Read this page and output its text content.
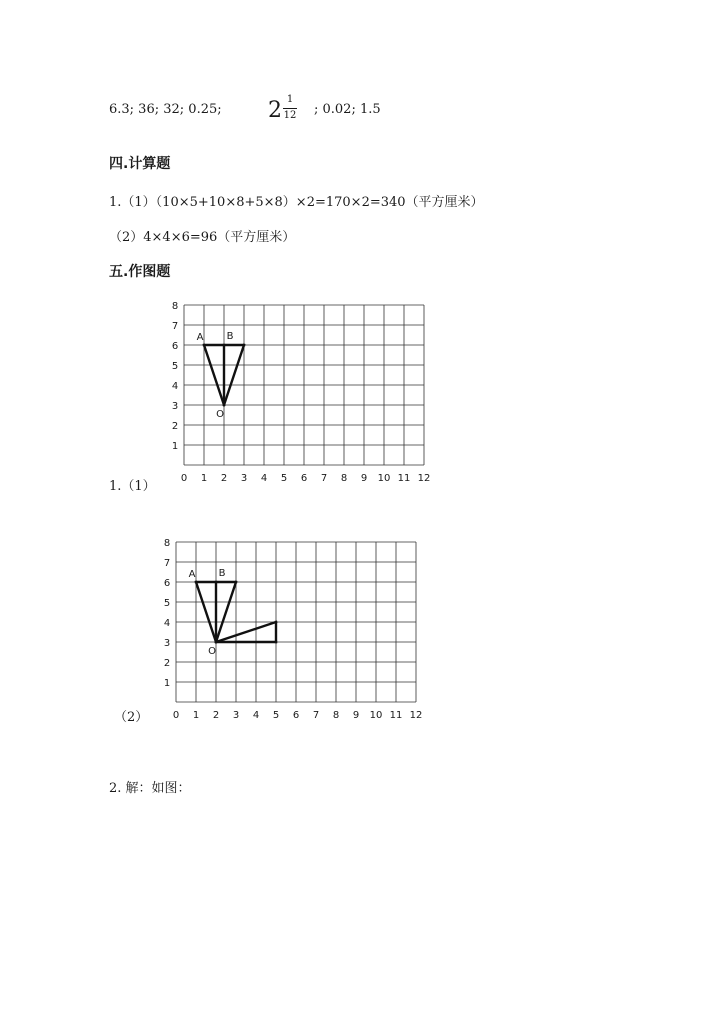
6.3; 36; 32; 0.25; 2 1
12 ; 0.02; 1.5
四.计算题
1.（1）（10×5+10×8+5×8）×2=170×2=340（平方厘米）
（2）4×4×6=96（平方厘米）
五.作图题
1.（1）
（2）
0 1 2 3 4 5 6 7 8 9 10 11 12
1
2
3
4
5
6
7
8
A B
O
0 1 2 3 4 5 6 7 8 9 10 11 12
1
2
3
4
5
6
7
8
A B
O
2. 解：如图：
